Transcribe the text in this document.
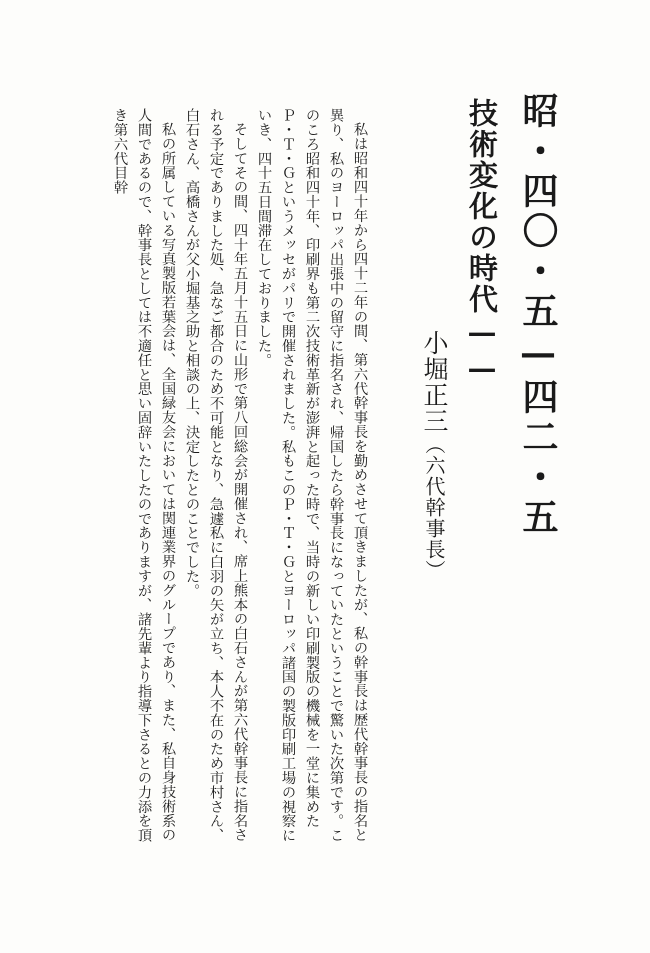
昭・四〇・五—四二・五
技術変化の時代——
小堀正三（六代幹事長）

私は昭和四十年から四十二年の間、第六代幹事長を勤めさせて頂きましたが、私の幹事長は歴代幹事長の指名と異り、私のヨーロッパ出張中の留守に指名され、帰国したら幹事長になっていたということで驚いた次第です。このころ昭和四十年、印刷界も第二次技術革新が澎湃と起った時で、当時の新しい印刷製版の機械を一堂に集めたＰ・Ｔ・Ｇというメッセがパリで開催されました。私もこのＰ・Ｔ・Ｇとヨーロッパ諸国の製版印刷工場の視察にいき、四十五日間滞在しておりました。

そしてその間、四十年五月十五日に山形で第八回総会が開催され、席上熊本の白石さんが第六代幹事長に指名される予定でありました処、急なご都合のため不可能となり、急遽私に白羽の矢が立ち、本人不在のため市村さん、白石さん、高橋さんが父小堀基之助と相談の上、決定したとのことでした。

私の所属している写真製版若葉会は、全国緑友会においては関連業界のグループであり、また、私自身技術系の人間であるので、幹事長としては不適任と思い固辞いたしたのでありますが、諸先輩より指導下さるとの力添を頂き第六代目幹
